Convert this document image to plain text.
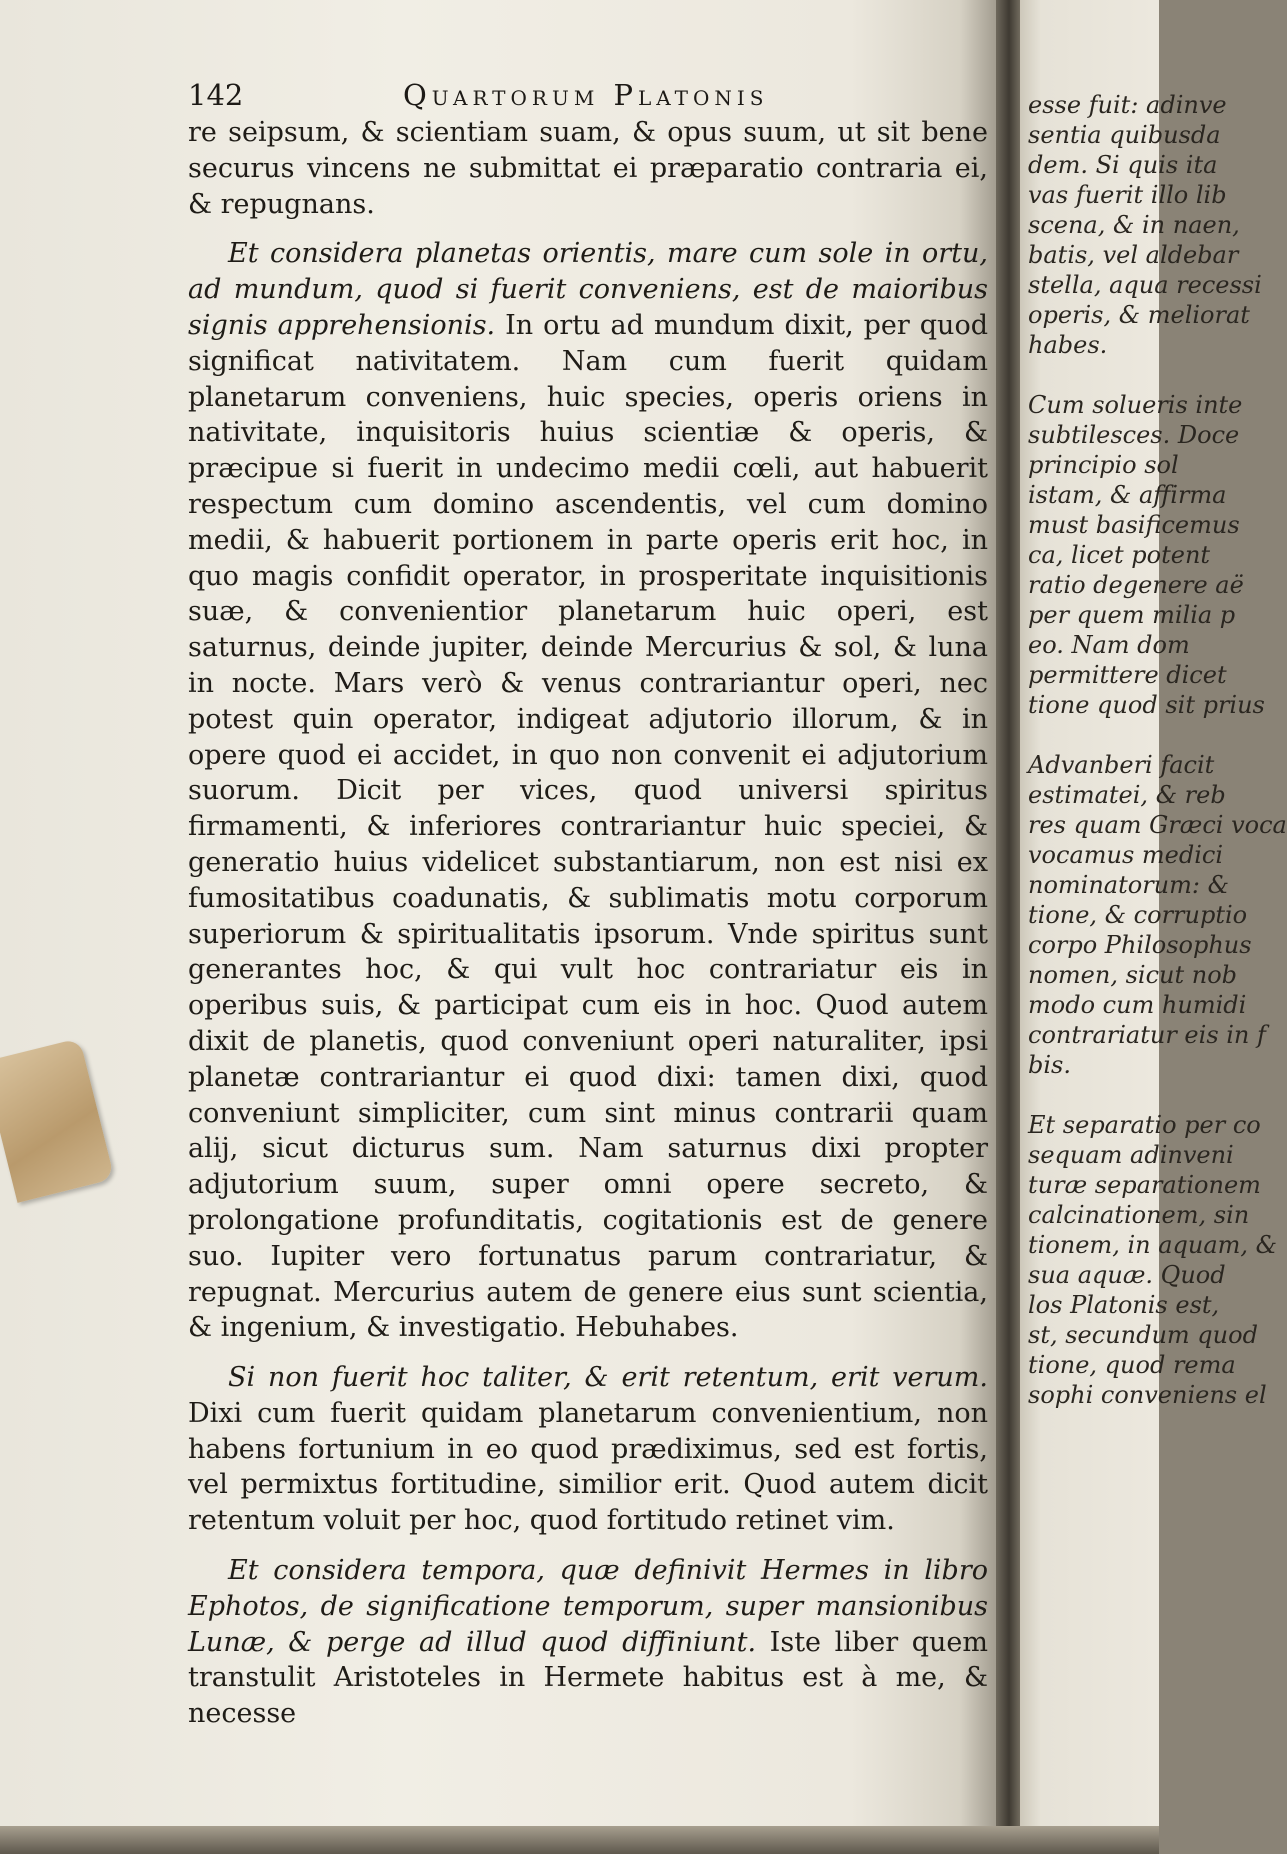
142	Quartorum Platonis

re seipsum, & scientiam suam, & opus suum, ut sit bene securus vincens ne submittat ei præparatio contraria ei, & repugnans.

Et considera planetas orientis, mare cum sole in ortu, ad mundum, quod si fuerit conveniens, est de maioribus signis apprehensionis. In ortu ad mundum dixit, per quod significat nativitatem. Nam cum fuerit quidam planetarum conveniens, huic species, operis oriens in nativitate, inquisitoris huius scientiæ & operis, & præcipue si fuerit in undecimo medii cœli, aut habuerit respectum cum domino ascendentis, vel cum domino medii, & habuerit portionem in parte operis erit hoc, in quo magis confidit operator, in prosperitate inquisitionis suæ, & convenientior planetarum huic operi, est saturnus, deinde jupiter, deinde Mercurius & sol, & luna in nocte. Mars verò & venus contrariantur operi, nec potest quin operator, indigeat adjutorio illorum, & in opere quod ei accidet, in quo non convenit ei adjutorium suorum. Dicit per vices, quod universi spiritus firmamenti, & inferiores contrariantur huic speciei, & generatio huius videlicet substantiarum, non est nisi ex fumositatibus coadunatis, & sublimatis motu corporum superiorum & spiritualitatis ipsorum. Vnde spiritus sunt generantes hoc, & qui vult hoc contrariatur eis in operibus suis, & participat cum eis in hoc. Quod autem dixit de planetis, quod conveniunt operi naturaliter, ipsi planetæ contrariantur ei quod dixi: tamen dixi, quod conveniunt simpliciter, cum sint minus contrarii quam alij, sicut dicturus sum. Nam saturnus dixi propter adjutorium suum, super omni opere secreto, & prolongatione profunditatis, cogitationis est de genere suo. Iupiter vero fortunatus parum contrariatur, & repugnat. Mercurius autem de genere eius sunt scientia, & ingenium, & investigatio. Hebuhabes.

Si non fuerit hoc taliter, & erit retentum, erit verum. Dixi cum fuerit quidam planetarum convenientium, non habens fortunium in eo quod prædiximus, sed est fortis, vel permixtus fortitudine, similior erit. Quod autem dicit retentum voluit per hoc, quod fortitudo retinet vim.

Et considera tempora, quæ definivit Hermes in libro Ephotos, de significatione temporum, super mansionibus Lunæ, & perge ad illud quod diffiniunt. Iste liber quem transtulit Aristoteles in Hermete habitus est à me, & necesse

esse fuit: adinve
sentia quibusda
dem. Si quis ita
vas fuerit illo lib
scena, & in naen,
batis, vel aldebar
stella, aqua recessi
operis, & meliorat
habes.

Cum solueris inte
subtilesces. Doce
principio sol
istam, & affirma
must basificemus
ca, licet potent
ratio degenere aë
per quem milia p
eo. Nam dom
permittere dicet
tione quod sit prius

Advanberi facit
estimatei, & reb
res quam Græci voca
vocamus medici
nominatorum: &
tione, & corruptio
corpo Philosophus
nomen, sicut nob
modo cum humidi
contrariatur eis in f
bis.

Et separatio per co
sequam adinveni
turæ separationem
calcinationem, sin
tionem, in aquam, &
sua aquæ. Quod
los Platonis est,
st, secundum quod
tione, quod rema
sophi conveniens el
